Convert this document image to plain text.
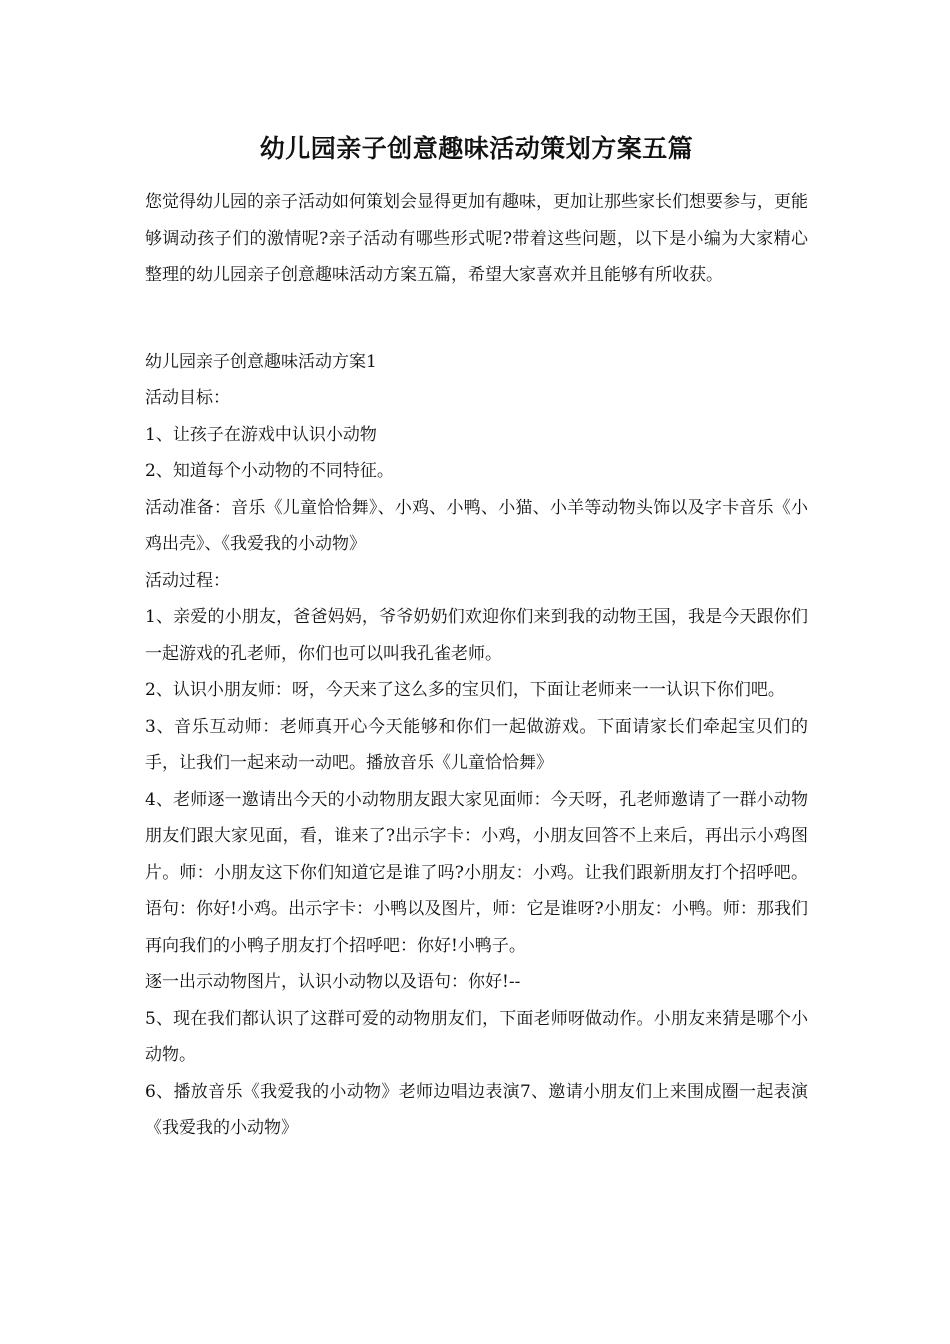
幼儿园亲子创意趣味活动策划方案五篇

您觉得幼儿园的亲子活动如何策划会显得更加有趣味，更加让那些家长们想要参与，更能够调动孩子们的激情呢?亲子活动有哪些形式呢?带着这些问题，以下是小编为大家精心整理的幼儿园亲子创意趣味活动方案五篇，希望大家喜欢并且能够有所收获。

幼儿园亲子创意趣味活动方案1

活动目标：

1、让孩子在游戏中认识小动物

2、知道每个小动物的不同特征。

活动准备：音乐《儿童恰恰舞》、小鸡、小鸭、小猫、小羊等动物头饰以及字卡音乐《小鸡出壳》、《我爱我的小动物》

活动过程：

1、亲爱的小朋友，爸爸妈妈，爷爷奶奶们欢迎你们来到我的动物王国，我是今天跟你们一起游戏的孔老师，你们也可以叫我孔雀老师。

2、认识小朋友师：呀，今天来了这么多的宝贝们，下面让老师来一一认识下你们吧。

3、音乐互动师：老师真开心今天能够和你们一起做游戏。下面请家长们牵起宝贝们的手，让我们一起来动一动吧。播放音乐《儿童恰恰舞》

4、老师逐一邀请出今天的小动物朋友跟大家见面师：今天呀，孔老师邀请了一群小动物朋友们跟大家见面，看，谁来了?出示字卡：小鸡，小朋友回答不上来后，再出示小鸡图片。师：小朋友这下你们知道它是谁了吗?小朋友：小鸡。让我们跟新朋友打个招呼吧。语句：你好!小鸡。出示字卡：小鸭以及图片，师：它是谁呀?小朋友：小鸭。师：那我们再向我们的小鸭子朋友打个招呼吧：你好!小鸭子。

逐一出示动物图片，认识小动物以及语句：你好!--

5、现在我们都认识了这群可爱的动物朋友们，下面老师呀做动作。小朋友来猜是哪个小动物。

6、播放音乐《我爱我的小动物》老师边唱边表演7、邀请小朋友们上来围成圈一起表演《我爱我的小动物》
